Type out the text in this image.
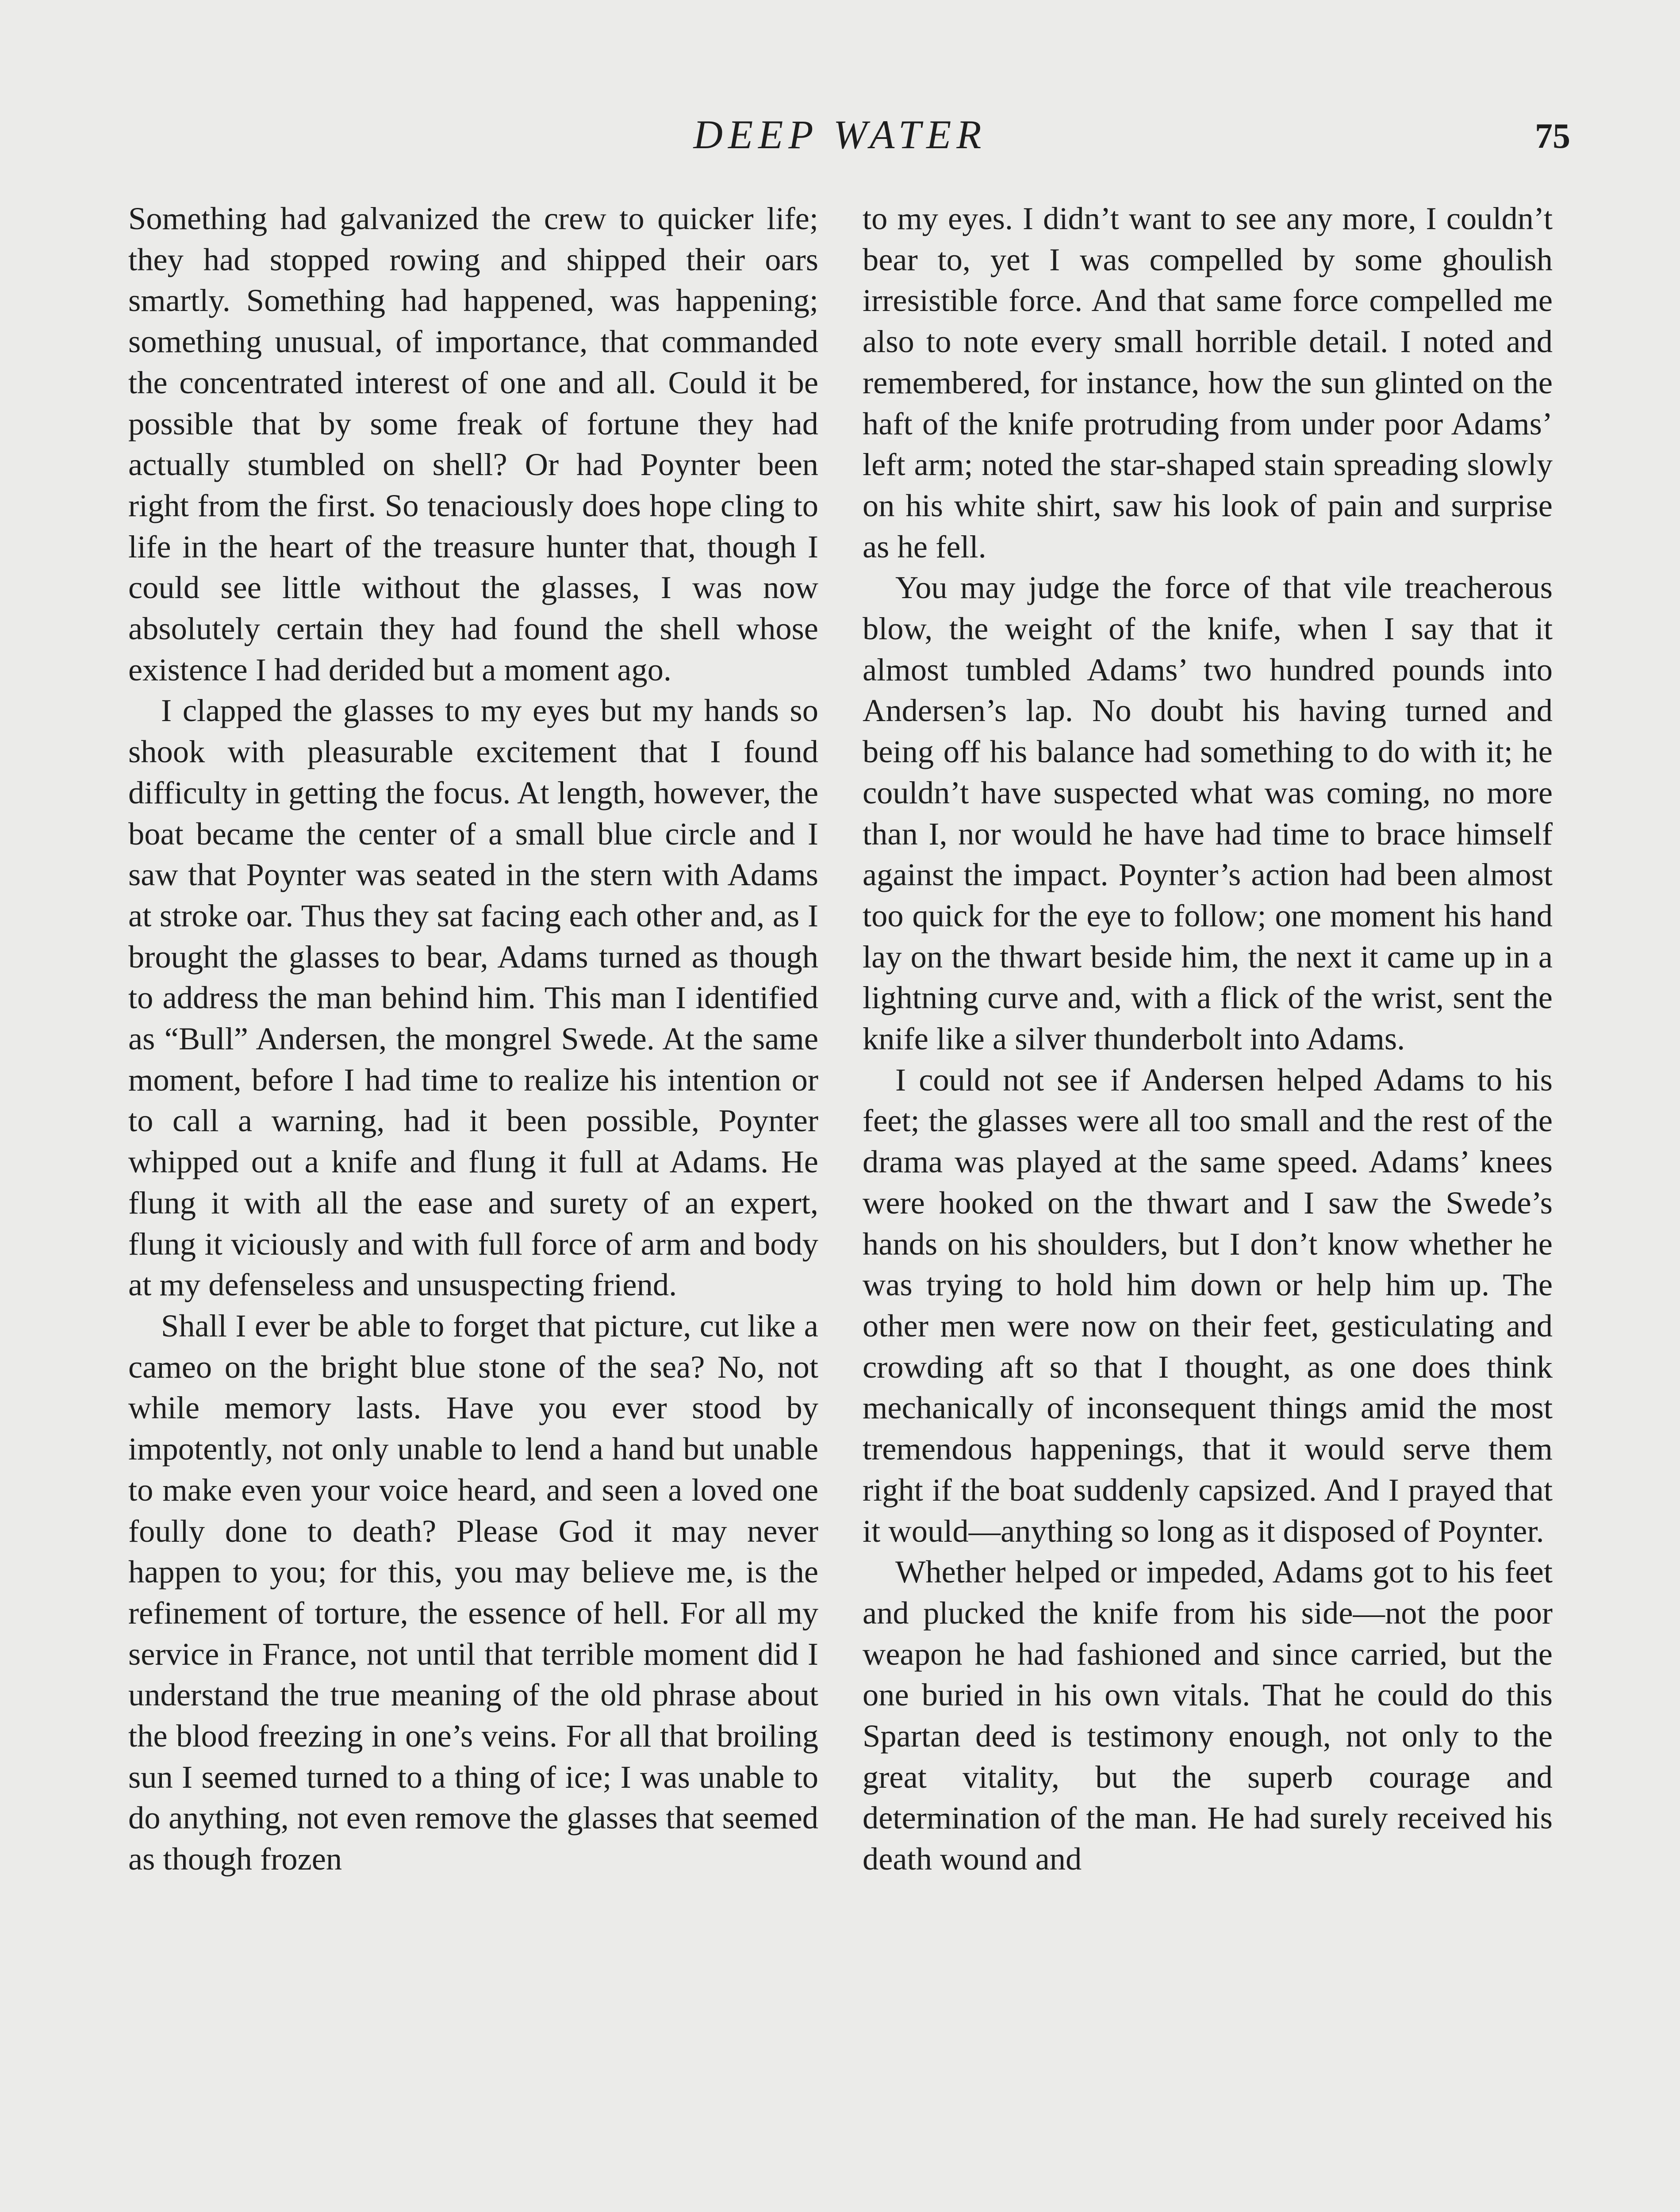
DEEP WATER	75

Something had galvanized the crew to quicker life; they had stopped rowing and shipped their oars smartly. Something had happened, was happening; something unusual, of importance, that commanded the concentrated interest of one and all. Could it be possible that by some freak of fortune they had actually stumbled on shell? Or had Poynter been right from the first. So tenaciously does hope cling to life in the heart of the treasure hunter that, though I could see little without the glasses, I was now absolutely certain they had found the shell whose existence I had derided but a moment ago.

I clapped the glasses to my eyes but my hands so shook with pleasurable excitement that I found difficulty in getting the focus. At length, however, the boat became the center of a small blue circle and I saw that Poynter was seated in the stern with Adams at stroke oar. Thus they sat facing each other and, as I brought the glasses to bear, Adams turned as though to address the man behind him. This man I identified as “Bull” Andersen, the mongrel Swede. At the same moment, before I had time to realize his intention or to call a warning, had it been possible, Poynter whipped out a knife and flung it full at Adams. He flung it with all the ease and surety of an expert, flung it viciously and with full force of arm and body at my defenseless and unsuspecting friend.

Shall I ever be able to forget that picture, cut like a cameo on the bright blue stone of the sea? No, not while memory lasts. Have you ever stood by impotently, not only unable to lend a hand but unable to make even your voice heard, and seen a loved one foully done to death? Please God it may never happen to you; for this, you may believe me, is the refinement of torture, the essence of hell. For all my service in France, not until that terrible moment did I understand the true meaning of the old phrase about the blood freezing in one’s veins. For all that broiling sun I seemed turned to a thing of ice; I was unable to do anything, not even remove the glasses that seemed as though frozen

to my eyes. I didn’t want to see any more, I couldn’t bear to, yet I was compelled by some ghoulish irresistible force. And that same force compelled me also to note every small horrible detail. I noted and remembered, for instance, how the sun glinted on the haft of the knife protruding from under poor Adams’ left arm; noted the star-shaped stain spreading slowly on his white shirt, saw his look of pain and surprise as he fell.

You may judge the force of that vile treacherous blow, the weight of the knife, when I say that it almost tumbled Adams’ two hundred pounds into Andersen’s lap. No doubt his having turned and being off his balance had something to do with it; he couldn’t have suspected what was coming, no more than I, nor would he have had time to brace himself against the impact. Poynter’s action had been almost too quick for the eye to follow; one moment his hand lay on the thwart beside him, the next it came up in a lightning curve and, with a flick of the wrist, sent the knife like a silver thunderbolt into Adams.

I could not see if Andersen helped Adams to his feet; the glasses were all too small and the rest of the drama was played at the same speed. Adams’ knees were hooked on the thwart and I saw the Swede’s hands on his shoulders, but I don’t know whether he was trying to hold him down or help him up. The other men were now on their feet, gesticulating and crowding aft so that I thought, as one does think mechanically of inconsequent things amid the most tremendous happenings, that it would serve them right if the boat suddenly capsized. And I prayed that it would—anything so long as it disposed of Poynter.

Whether helped or impeded, Adams got to his feet and plucked the knife from his side—not the poor weapon he had fashioned and since carried, but the one buried in his own vitals. That he could do this Spartan deed is testimony enough, not only to the great vitality, but the superb courage and determination of the man. He had surely received his death wound and
